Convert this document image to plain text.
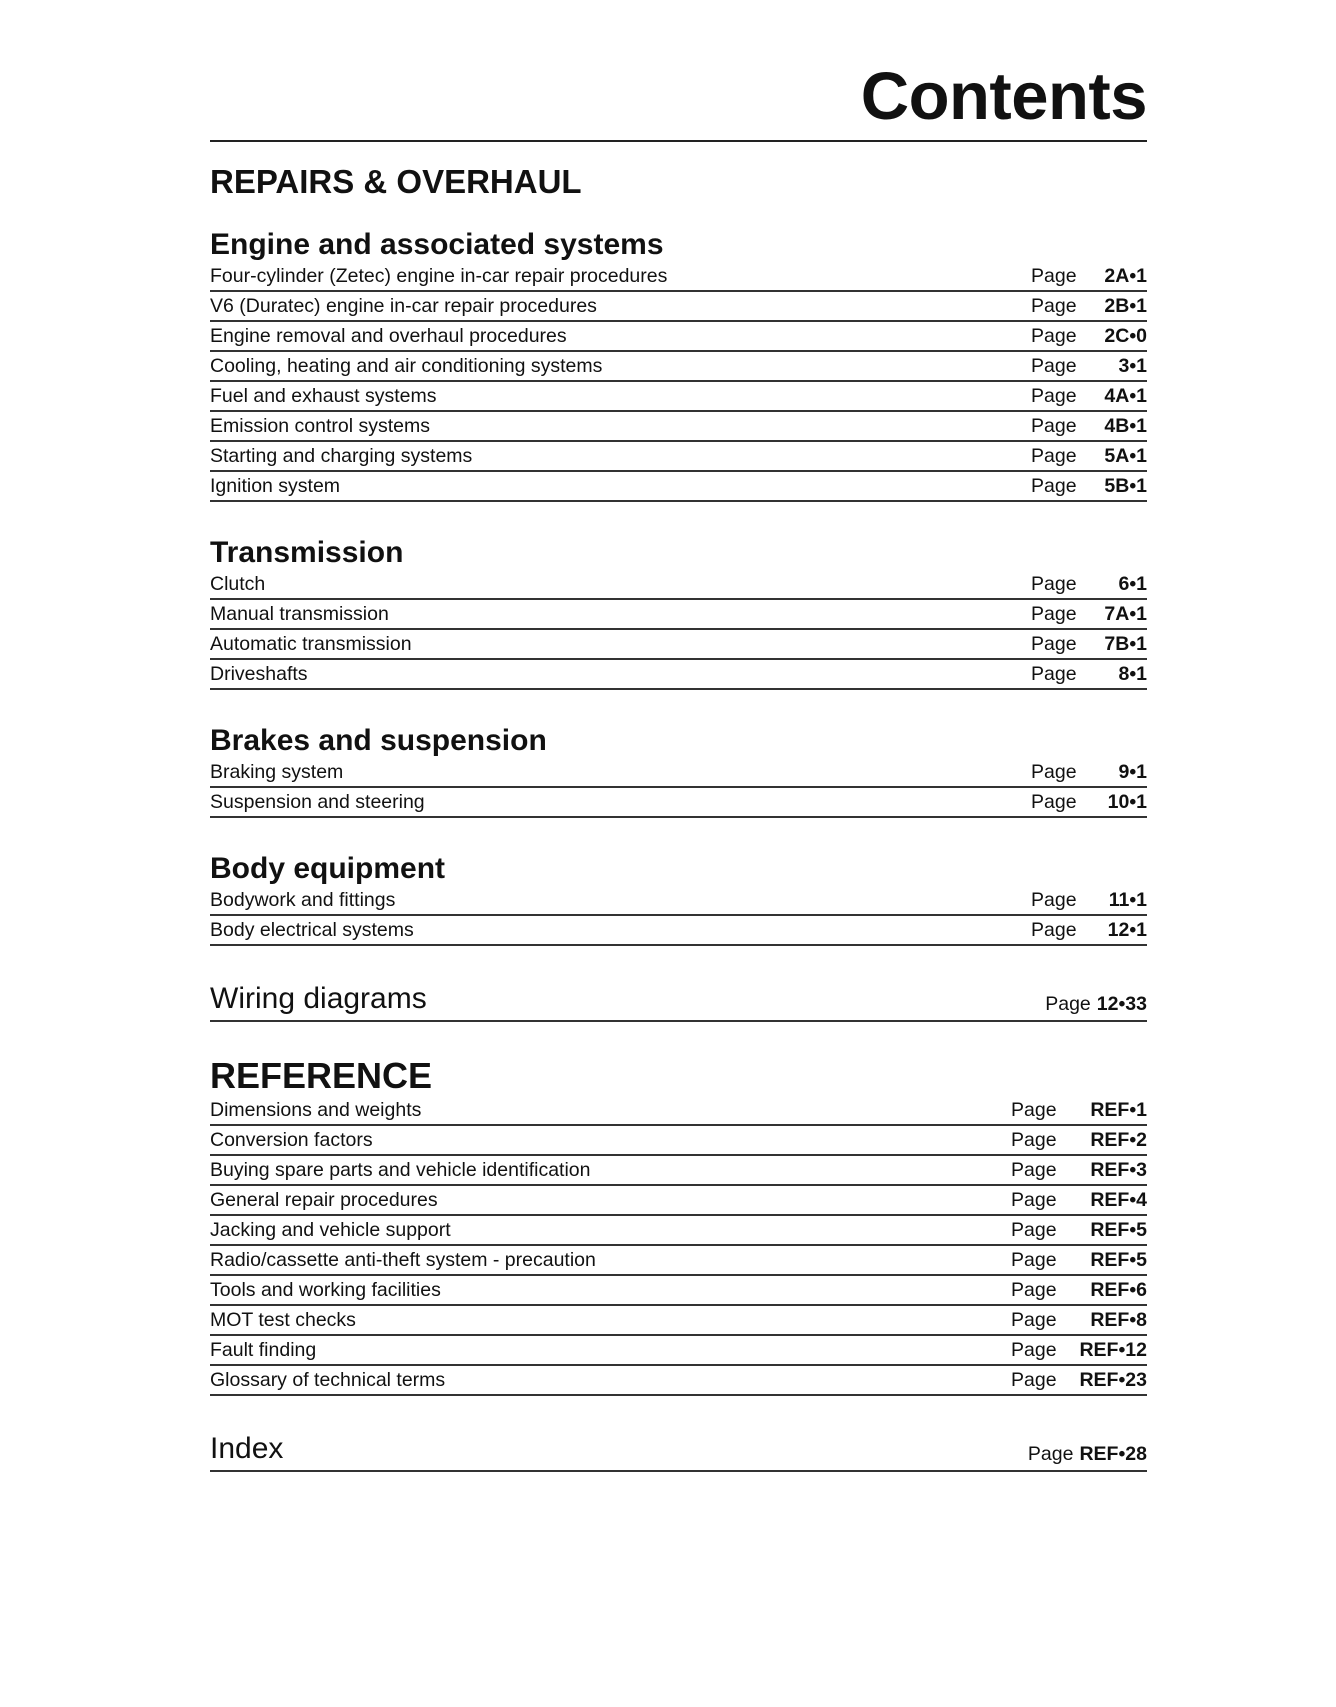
Contents
REPAIRS & OVERHAUL
Engine and associated systems
Four-cylinder (Zetec) engine in-car repair procedures	Page	2A•1
V6 (Duratec) engine in-car repair procedures	Page	2B•1
Engine removal and overhaul procedures	Page	2C•0
Cooling, heating and air conditioning systems	Page	3•1
Fuel and exhaust systems	Page	4A•1
Emission control systems	Page	4B•1
Starting and charging systems	Page	5A•1
Ignition system	Page	5B•1
Transmission
Clutch	Page	6•1
Manual transmission	Page	7A•1
Automatic transmission	Page	7B•1
Driveshafts	Page	8•1
Brakes and suspension
Braking system	Page	9•1
Suspension and steering	Page	10•1
Body equipment
Bodywork and fittings	Page	11•1
Body electrical systems	Page	12•1
Wiring diagrams	Page 12•33
REFERENCE
Dimensions and weights	Page	REF•1
Conversion factors	Page	REF•2
Buying spare parts and vehicle identification	Page	REF•3
General repair procedures	Page	REF•4
Jacking and vehicle support	Page	REF•5
Radio/cassette anti-theft system - precaution	Page	REF•5
Tools and working facilities	Page	REF•6
MOT test checks	Page	REF•8
Fault finding	Page	REF•12
Glossary of technical terms	Page	REF•23
Index	Page REF•28
